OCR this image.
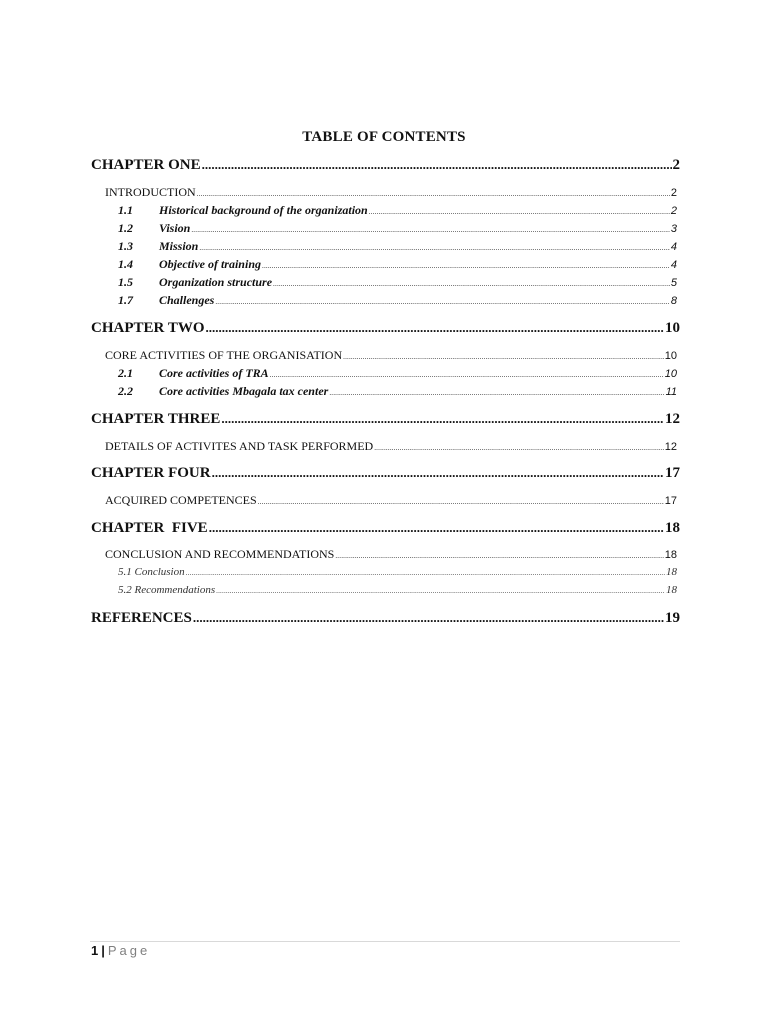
TABLE OF CONTENTS
CHAPTER ONE .....	2
INTRODUCTION .....	2
1.1	Historical background of the organization .....	2
1.2	Vision .....	3
1.3	Mission .....	4
1.4	Objective of training .....	4
1.5	Organization structure .....	5
1.7	Challenges .....	8
CHAPTER TWO .....	10
CORE ACTIVITIES OF THE ORGANISATION .....	10
2.1	Core activities of TRA .....	10
2.2	Core activities Mbagala tax center .....	11
CHAPTER THREE .....	12
DETAILS OF ACTIVITES AND TASK PERFORMED .....	12
CHAPTER FOUR .....	17
ACQUIRED COMPETENCES .....	17
CHAPTER  FIVE .....	18
CONCLUSION AND RECOMMENDATIONS .....	18
5.1 Conclusion .....	18
5.2 Recommendations .....	18
REFERENCES .....	19
1 | Page
